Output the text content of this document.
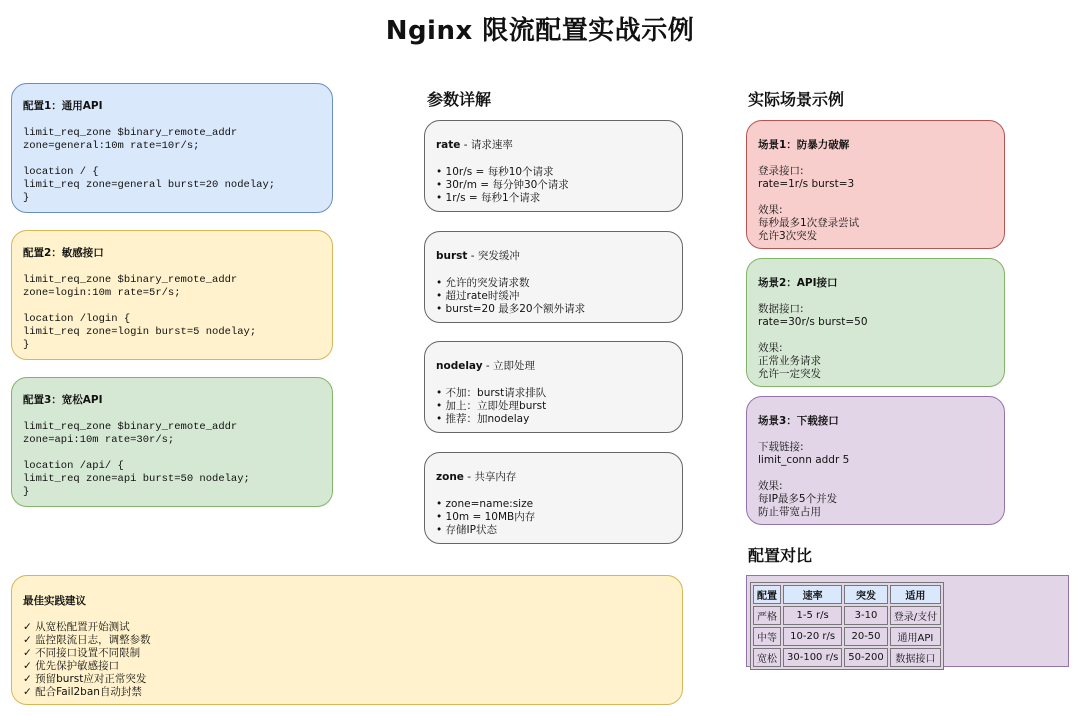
Nginx 限流配置实战示例
配置1：通用API
limit_req_zone $binary_remote_addr
zone=general:10m rate=10r/s;
location / {
limit_req zone=general burst=20 nodelay;
}
配置2：敏感接口
limit_req_zone $binary_remote_addr
zone=login:10m rate=5r/s;
location /login {
limit_req zone=login burst=5 nodelay;
}
配置3：宽松API
limit_req_zone $binary_remote_addr
zone=api:10m rate=30r/s;
location /api/ {
limit_req zone=api burst=50 nodelay;
}
参数详解
rate - 请求速率
• 10r/s = 每秒10个请求
• 30r/m = 每分钟30个请求
• 1r/s = 每秒1个请求
burst - 突发缓冲
• 允许的突发请求数
• 超过rate时缓冲
• burst=20 最多20个额外请求
nodelay - 立即处理
• 不加：burst请求排队
• 加上：立即处理burst
• 推荐：加nodelay
zone - 共享内存
• zone=name:size
• 10m = 10MB内存
• 存储IP状态
实际场景示例
场景1：防暴力破解
登录接口:
rate=1r/s burst=3
效果:
每秒最多1次登录尝试
允许3次突发
场景2：API接口
数据接口:
rate=30r/s burst=50
效果:
正常业务请求
允许一定突发
场景3：下载接口
下载链接:
limit_conn addr 5
效果:
每IP最多5个并发
防止带宽占用
最佳实践建议
✓ 从宽松配置开始测试
✓ 监控限流日志，调整参数
✓ 不同接口设置不同限制
✓ 优先保护敏感接口
✓ 预留burst应对正常突发
✓ 配合Fail2ban自动封禁
配置对比
配置	速率	突发	适用
严格	1-5 r/s	3-10	登录/支付
中等	10-20 r/s	20-50	通用API
宽松	30-100 r/s	50-200	数据接口
